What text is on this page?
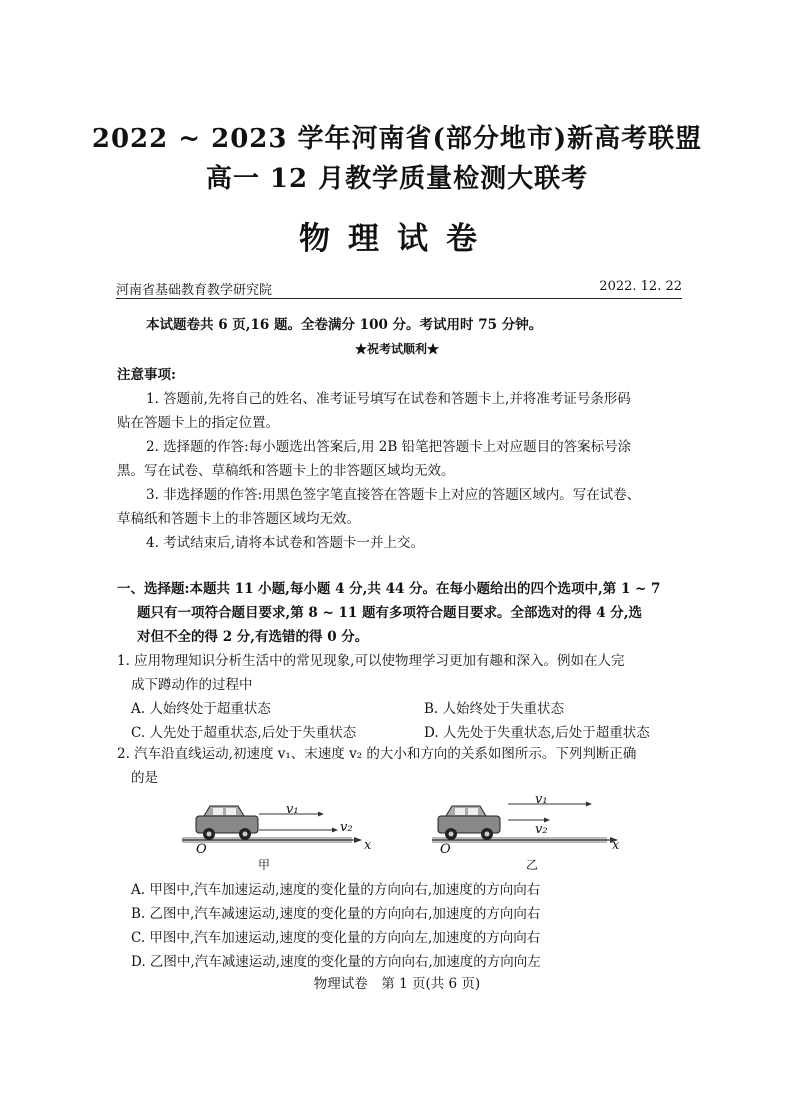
2022 ~ 2023 学年河南省(部分地市)新高考联盟
高一 12 月教学质量检测大联考
物理试卷
河南省基础教育教学研究院	2022. 12. 22
本试题卷共 6 页,16 题。全卷满分 100 分。考试用时 75 分钟。
★祝考试顺利★
注意事项:
1. 答题前,先将自己的姓名、准考证号填写在试卷和答题卡上,并将准考证号条形码
贴在答题卡上的指定位置。
2. 选择题的作答:每小题选出答案后,用 2B 铅笔把答题卡上对应题目的答案标号涂
黑。写在试卷、草稿纸和答题卡上的非答题区域均无效。
3. 非选择题的作答:用黑色签字笔直接答在答题卡上对应的答题区域内。写在试卷、
草稿纸和答题卡上的非答题区域均无效。
4. 考试结束后,请将本试卷和答题卡一并上交。
一、选择题:本题共 11 小题,每小题 4 分,共 44 分。在每小题给出的四个选项中,第 1 ~ 7
题只有一项符合题目要求,第 8 ~ 11 题有多项符合题目要求。全部选对的得 4 分,选
对但不全的得 2 分,有选错的得 0 分。
1. 应用物理知识分析生活中的常见现象,可以使物理学习更加有趣和深入。例如在人完
成下蹲动作的过程中
A. 人始终处于超重状态	B. 人始终处于失重状态
C. 人先处于超重状态,后处于失重状态	D. 人先处于失重状态,后处于超重状态
2. 汽车沿直线运动,初速度 v₁、末速度 v₂ 的大小和方向的关系如图所示。下列判断正确
的是
v₁
v₂
O	x
v₁
v₂
O	x
甲	乙
A. 甲图中,汽车加速运动,速度的变化量的方向向右,加速度的方向向右
B. 乙图中,汽车减速运动,速度的变化量的方向向右,加速度的方向向右
C. 甲图中,汽车加速运动,速度的变化量的方向向左,加速度的方向向右
D. 乙图中,汽车减速运动,速度的变化量的方向向右,加速度的方向向左
物理试卷　第 1 页(共 6 页)
